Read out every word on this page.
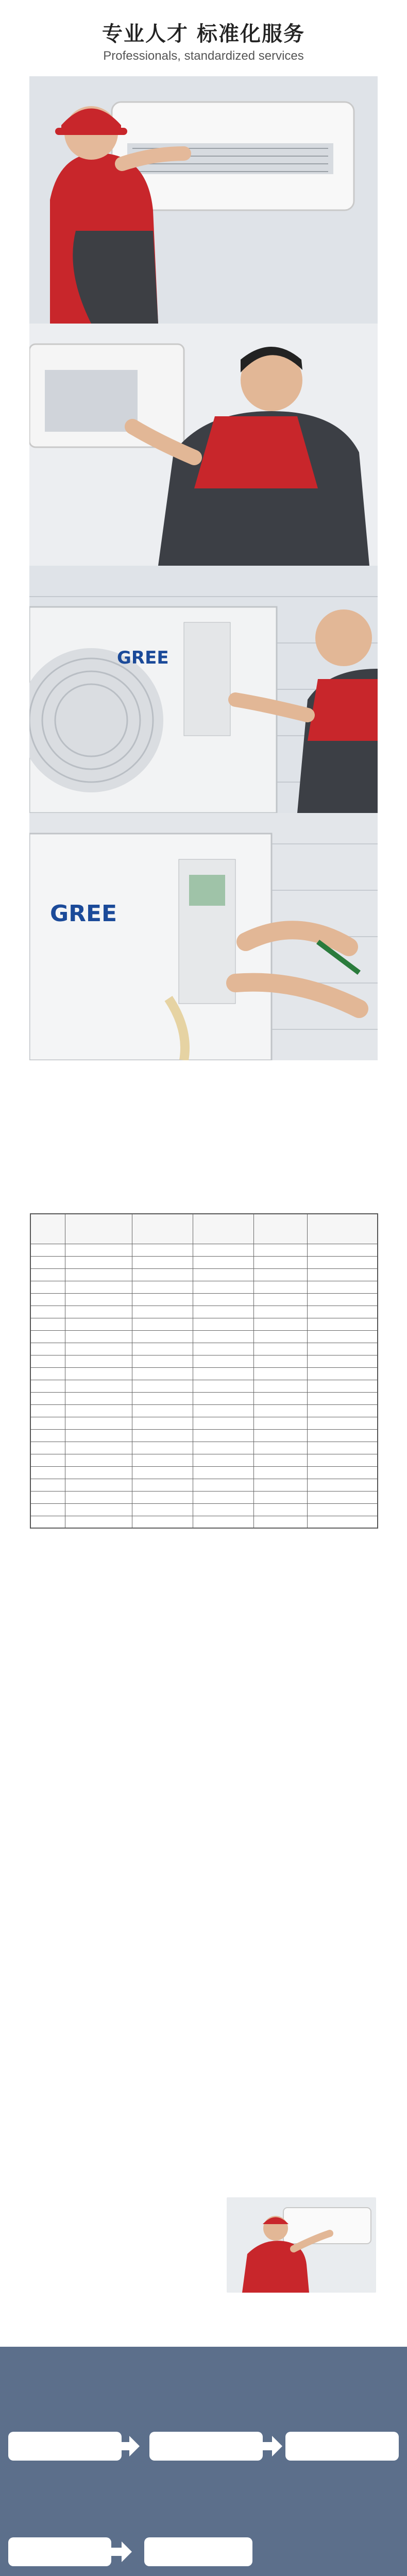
专业人才 标准化服务
Professionals, standardized services
GREE
GREE
